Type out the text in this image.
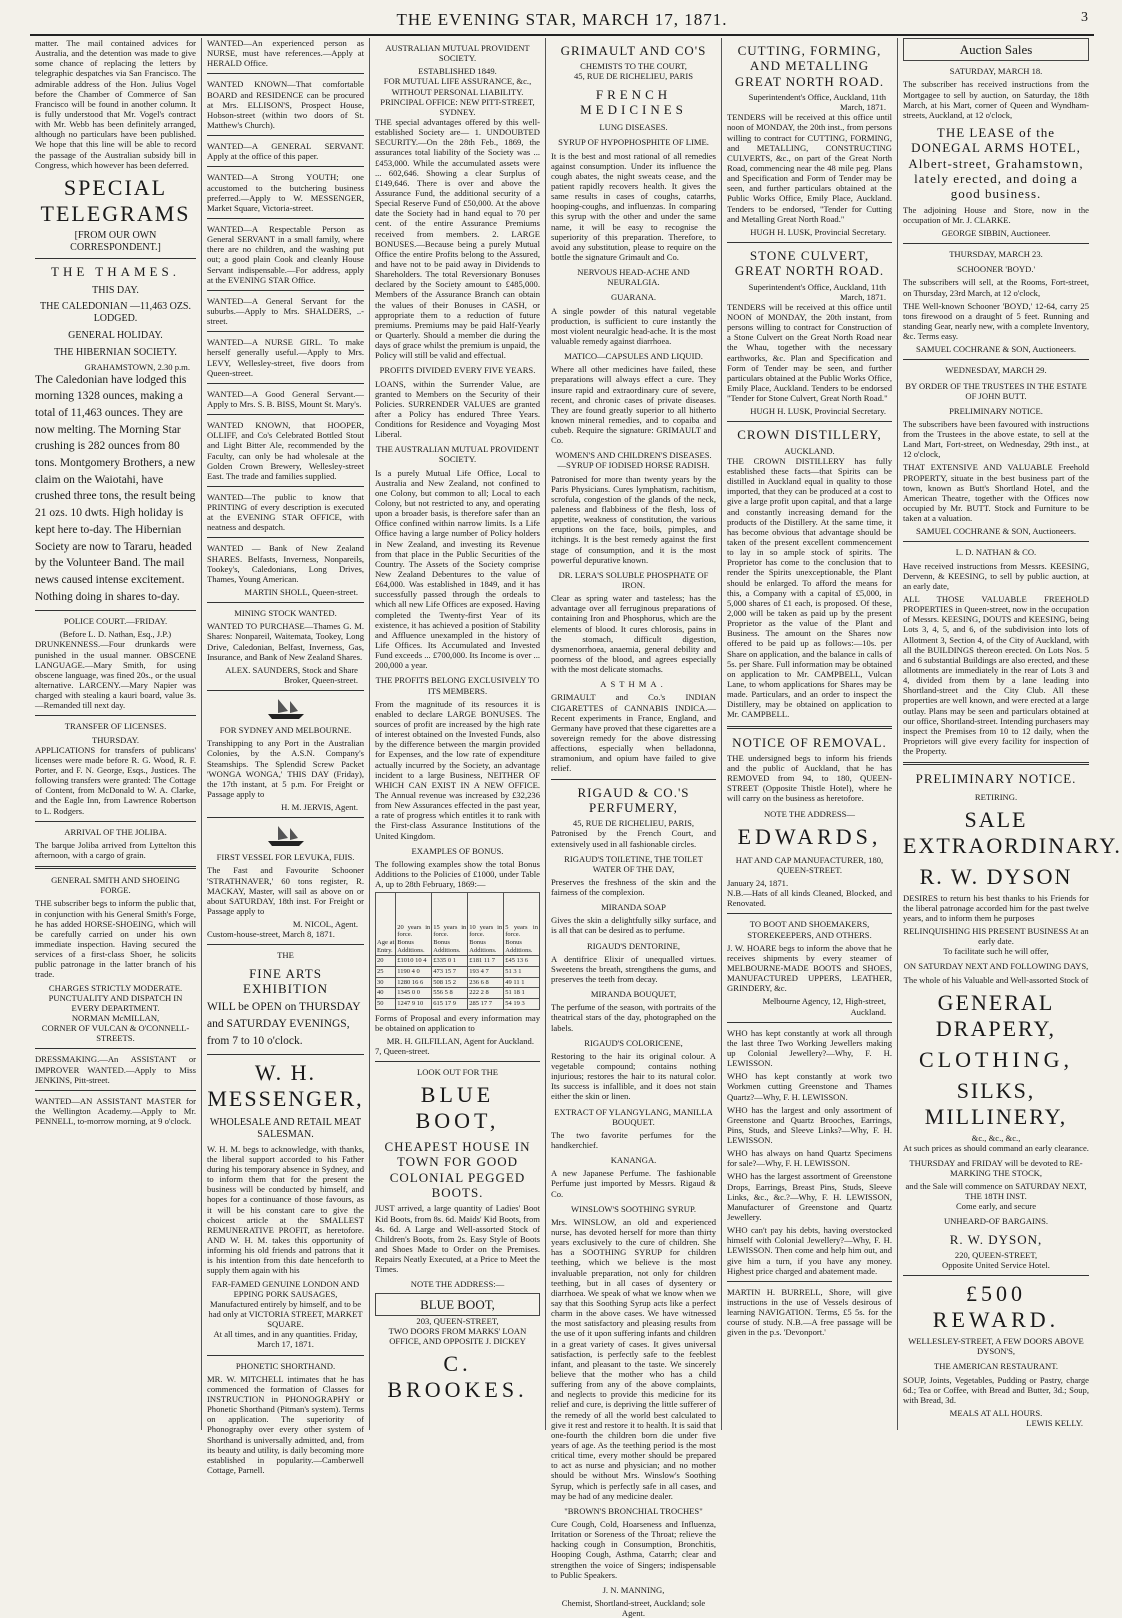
THE EVENING STAR, MARCH 17, 1871.	3

matter. The mail contained advices for Australia, and the detention was made to give some chance of replacing the letters by telegraphic despatches via San Francisco. The admirable address of the Hon. Julius Vogel before the Chamber of Commerce of San Francisco will be found in another column. It is fully understood that Mr. Vogel's contract with Mr. Webb has been definitely arranged, although no particulars have been published. We hope that this line will be able to record the passage of the Australian subsidy bill in Congress, which however has been deferred.

SPECIAL TELEGRAMS
[FROM OUR OWN CORRESPONDENT.]
THE THAMES.
THIS DAY.
THE CALEDONIAN —11,463 OZS. LODGED.
GENERAL HOLIDAY.
THE HIBERNIAN SOCIETY.
GRAHAMSTOWN, 2.30 p.m.

The Caledonian have lodged this morning 1328 ounces, making a total of 11,463 ounces. They are now melting. The Morning Star crushing is 282 ounces from 80 tons. Montgomery Brothers, a new claim on the Waiotahi, have crushed three tons, the result being 21 ozs. 10 dwts. High holiday is kept here to-day. The Hibernian Society are now to Tararu, headed by the Volunteer Band. The mail news caused intense excitement. Nothing doing in shares to-day.

POLICE COURT.—FRIDAY.
(Before L. D. Nathan, Esq., J.P.)

DRUNKENNESS.—Four drunkards were punished in the usual manner. OBSCENE LANGUAGE.—Mary Smith, for using obscene language, was fined 20s., or the usual alternative. LARCENY.—Mary Napier was charged with stealing a kauri board, value 3s.—Remanded till next day.

TRANSFER OF LICENSES.
THURSDAY.

APPLICATIONS for transfers of publicans' licenses were made before R. G. Wood, R. F. Porter, and F. N. George, Esqs., Justices. The following transfers were granted: The Cottage of Content, from McDonald to W. A. Clarke, and the Eagle Inn, from Lawrence Robertson to L. Rodgers.

ARRIVAL OF THE JOLIBA.

The barque Joliba arrived from Lyttelton this afternoon, with a cargo of grain.

GENERAL SMITH AND SHOEING FORGE.

THE subscriber begs to inform the public that, in conjunction with his General Smith's Forge, he has added HORSE-SHOEING, which will be carefully carried on under his own immediate inspection. Having secured the services of a first-class Shoer, he solicits public patronage in the latter branch of his trade.

CHARGES STRICTLY MODERATE.
PUNCTUALITY AND DISPATCH IN EVERY DEPARTMENT.
NORMAN McMILLAN,
CORNER OF VULCAN & O'CONNELL-STREETS.

DRESSMAKING.—An ASSISTANT or IMPROVER WANTED.—Apply to Miss JENKINS, Pitt-street.

WANTED—AN ASSISTANT MASTER for the Wellington Academy.—Apply to Mr. PENNELL, to-morrow morning, at 9 o'clock.

WANTED—An experienced person as NURSE, must have references.—Apply at HERALD Office.

WANTED KNOWN—That comfortable BOARD and RESIDENCE can be procured at Mrs. ELLISON'S, Prospect House, Hobson-street (within two doors of St. Matthew's Church).

WANTED—A GENERAL SERVANT. Apply at the office of this paper.

WANTED—A Strong YOUTH; one accustomed to the butchering business preferred.—Apply to W. MESSENGER, Market Square, Victoria-street.

WANTED—A Respectable Person as General SERVANT in a small family, where there are no children, and the washing put out; a good plain Cook and cleanly House Servant indispensable.—For address, apply at the EVENING STAR Office.

WANTED—A General Servant for the suburbs.—Apply to Mrs. SHALDERS, ..-street.

WANTED—A NURSE GIRL. To make herself generally useful.—Apply to Mrs. LEVY, Wellesley-street, five doors from Queen-street.

WANTED—A Good General Servant.—Apply to Mrs. S. B. BISS, Mount St. Mary's.

WANTED KNOWN, that HOOPER, OLLIFF, and Co's Celebrated Bottled Stout and Light Bitter Ale, recommended by the Faculty, can only be had wholesale at the Golden Crown Brewery, Wellesley-street East. The trade and families supplied.

WANTED—The public to know that PRINTING of every description is executed at the EVENING STAR OFFICE, with neatness and despatch.

WANTED — Bank of New Zealand SHARES. Belfasts, Inverness, Nonpareils, Tookey's, Caledonians, Long Drives, Thames, Young American.

MARTIN SHOLL, Queen-street.
MINING STOCK WANTED.

WANTED TO PURCHASE—Thames G. M. Shares: Nonpareil, Waitemata, Tookey, Long Drive, Caledonian, Belfast, Inverness, Gas, Insurance, and Bank of New Zealand Shares.

ALEX. SAUNDERS, Stock and Share Broker, Queen-street.
FOR SYDNEY AND MELBOURNE.

Transhipping to any Port in the Australian Colonies, by the A.S.N. Company's Steamships. The Splendid Screw Packet 'WONGA WONGA,' THIS DAY (Friday), the 17th instant, at 5 p.m. For Freight or Passage apply to

H. M. JERVIS, Agent.
FIRST VESSEL FOR LEVUKA, FIJIS.

The Fast and Favourite Schooner 'STRATHNAVER,' 60 tons register, R. MACKAY, Master, will sail as above on or about SATURDAY, 18th inst. For Freight or Passage apply to

M. NICOL, Agent.
Custom-house-street, March 8, 1871.
THE
FINE ARTS EXHIBITION

WILL be OPEN on THURSDAY and SATURDAY EVENINGS, from 7 to 10 o'clock.

W. H. MESSENGER,
WHOLESALE AND RETAIL MEAT SALESMAN.

W. H. M. begs to acknowledge, with thanks, the liberal support accorded to his Father during his temporary absence in Sydney, and to inform them that for the present the business will be conducted by himself, and hopes for a continuance of those favours, as it will be his constant care to give the choicest article at the SMALLEST REMUNERATIVE PROFIT, as heretofore. AND W. H. M. takes this opportunity of informing his old friends and patrons that it is his intention from this date henceforth to supply them again with his

FAR-FAMED GENUINE LONDON AND EPPING PORK SAUSAGES,
Manufactured entirely by himself, and to be had only at VICTORIA STREET, MARKET SQUARE.
At all times, and in any quantities. Friday, March 17, 1871.
PHONETIC SHORTHAND.

MR. W. MITCHELL intimates that he has commenced the formation of Classes for INSTRUCTION in PHONOGRAPHY or Phonetic Shorthand (Pitman's system). Terms on application. The superiority of Phonography over every other system of Shorthand is universally admitted, and, from its beauty and utility, is daily becoming more established in popularity.—Camberwell Cottage, Parnell.

AUSTRALIAN MUTUAL PROVIDENT SOCIETY.
ESTABLISHED 1849.
FOR MUTUAL LIFE ASSURANCE, &c., WITHOUT PERSONAL LIABILITY.
PRINCIPAL OFFICE: NEW PITT-STREET, SYDNEY.

THE special advantages offered by this well-established Society are— 1. UNDOUBTED SECURITY.—On the 28th Feb., 1869, the assurances total liability of the Society was ... £453,000. While the accumulated assets were ... 602,646. Showing a clear Surplus of £149,646. There is over and above the Assurance Fund, the additional security of a Special Reserve Fund of £50,000. At the above date the Society had in hand equal to 70 per cent. of the entire Assurance Premiums received from members. 2. LARGE BONUSES.—Because being a purely Mutual Office the entire Profits belong to the Assured, and have not to be paid away in Dividends to Shareholders. The total Reversionary Bonuses declared by the Society amount to £485,000. Members of the Assurance Branch can obtain the values of their Bonuses in CASH, or appropriate them to a reduction of future premiums. Premiums may be paid Half-Yearly or Quarterly. Should a member die during the days of grace whilst the premium is unpaid, the Policy will still be valid and effectual.

PROFITS DIVIDED EVERY FIVE YEARS.

LOANS, within the Surrender Value, are granted to Members on the Security of their Policies. SURRENDER VALUES are granted after a Policy has endured Three Years. Conditions for Residence and Voyaging Most Liberal.

THE AUSTRALIAN MUTUAL PROVIDENT SOCIETY.

Is a purely Mutual Life Office, Local to Australia and New Zealand, not confined to one Colony, but common to all; Local to each Colony, but not restricted to any, and operating upon a broader basis, is therefore safer than an Office confined within narrow limits. Is a Life Office having a large number of Policy holders in New Zealand, and investing its Revenue from that place in the Public Securities of the Country. The Assets of the Society comprise New Zealand Debentures to the value of £64,000. Was established in 1849, and it has successfully passed through the ordeals to which all new Life Offices are exposed. Having completed the Twenty-first Year of its existence, it has achieved a position of Stability and Affluence unexampled in the history of Life Offices. Its Accumulated and Invested Fund exceeds ... £700,000. Its Income is over ... 200,000 a year.

THE PROFITS BELONG EXCLUSIVELY TO ITS MEMBERS.

From the magnitude of its resources it is enabled to declare LARGE BONUSES. The sources of profit are increased by the high rate of interest obtained on the Invested Funds, also by the difference between the margin provided for Expenses, and the low rate of expenditure actually incurred by the Society, an advantage incident to a large Business, NEITHER OF WHICH CAN EXIST IN A NEW OFFICE. The Annual revenue was increased by £32,236 from New Assurances effected in the past year, a rate of progress which entitles it to rank with the First-class Assurance Institutions of the United Kingdom.

EXAMPLES OF BONUS.

The following examples show the total Bonus Additions to the Policies of £1000, under Table A, up to 28th February, 1869:—

Age at Entry.	20 years in force. Bonus Additions.	15 years in force. Bonus Additions.	10 years in force. Bonus Additions.	5 years in force. Bonus Additions.
20	£1010 10 4	£335 0 1	£181 11 7	£45 13 6
25	1190 4 0	473 15 7	193 4 7	51 3 1
30	1280 16 6	508 15 2	236 6 8	49 11 1
40	1345 0 0	556 5 8	222 2 8	51 18 1
50	1247 9 10	615 17 9	285 17 7	54 19 3

Forms of Proposal and every information may be obtained on application to

MR. H. GILFILLAN, Agent for Auckland.
7, Queen-street.
LOOK OUT FOR THE
BLUE BOOT,
CHEAPEST HOUSE IN TOWN FOR GOOD COLONIAL PEGGED BOOTS.

JUST arrived, a large quantity of Ladies' Boot Kid Boots, from 8s. 6d. Maids' Kid Boots, from 4s. 6d. A Large and Well-assorted Stock of Children's Boots, from 2s. Easy Style of Boots and Shoes Made to Order on the Premises. Repairs Neatly Executed, at a Price to Meet the Times.

NOTE THE ADDRESS:—
BLUE BOOT,
203, QUEEN-STREET,
TWO DOORS FROM MARKS' LOAN OFFICE, AND OPPOSITE J. DICKEY
C. BROOKES.
GRIMAULT AND CO'S
CHEMISTS TO THE COURT,
45, RUE DE RICHELIEU, PARIS
FRENCH MEDICINES
LUNG DISEASES.
SYRUP OF HYPOPHOSPHITE OF LIME.

It is the best and most rational of all remedies against consumption. Under its influence the cough abates, the night sweats cease, and the patient rapidly recovers health. It gives the same results in cases of coughs, catarrhs, hooping-coughs, and influenzas. In comparing this syrup with the other and under the same name, it will be easy to recognise the superiority of this preparation. Therefore, to avoid any substitution, please to require on the bottle the signature Grimault and Co.

NERVOUS HEAD-ACHE AND NEURALGIA.
GUARANA.

A single powder of this natural vegetable production, is sufficient to cure instantly the most violent neuralgic head-ache. It is the most valuable remedy against diarrhoea.

MATICO—CAPSULES AND LIQUID.

Where all other medicines have failed, these preparations will always effect a cure. They insure rapid and extraordinary cure of severe, recent, and chronic cases of private diseases. They are found greatly superior to all hitherto known mineral remedies, and to copaiba and cubeb. Require the signature: GRIMAULT and Co.

WOMEN'S AND CHILDREN'S DISEASES. —SYRUP OF IODISED HORSE RADISH.

Patronised for more than twenty years by the Paris Physicians. Cures lymphatism, rachitism, scrofula, congestion of the glands of the neck, paleness and flabbiness of the flesh, loss of appetite, weakness of constitution, the various eruptions on the face, boils, pimples, and itchings. It is the best remedy against the first stage of consumption, and it is the most powerful depurative known.

DR. LERA'S SOLUBLE PHOSPHATE OF IRON.

Clear as spring water and tasteless; has the advantage over all ferruginous preparations of containing Iron and Phosphorus, which are the elements of blood. It cures chlorosis, pains in the stomach, difficult digestion, dysmenorrhoea, anaemia, general debility and poorness of the blood, and agrees especially with the most delicate stomachs.

ASTHMA.

GRIMAULT and Co.'s INDIAN CIGARETTES of CANNABIS INDICA.—Recent experiments in France, England, and Germany have proved that these cigarettes are a sovereign remedy for the above distressing affections, especially when belladonna, stramonium, and opium have failed to give relief.

RIGAUD & CO.'S PERFUMERY,
45, RUE DE RICHELIEU, PARIS,

Patronised by the French Court, and extensively used in all fashionable circles.

RIGAUD'S TOILETINE, THE TOILET WATER OF THE DAY,

Preserves the freshness of the skin and the fairness of the complexion.

MIRANDA SOAP

Gives the skin a delightfully silky surface, and is all that can be desired as to perfume.

RIGAUD'S DENTORINE,

A dentifrice Elixir of unequalled virtues. Sweetens the breath, strengthens the gums, and preserves the teeth from decay.

MIRANDA BOUQUET,

The perfume of the season, with portraits of the theatrical stars of the day, photographed on the labels.

RIGAUD'S COLORICENE,

Restoring to the hair its original colour. A vegetable compound; contains nothing injurious; restores the hair to its natural color. Its success is infallible, and it does not stain either the skin or linen.

EXTRACT OF YLANGYLANG, MANILLA BOUQUET.

The two favorite perfumes for the handkerchief.

KANANGA.

A new Japanese Perfume. The fashionable Perfume just imported by Messrs. Rigaud & Co.

WINSLOW'S SOOTHING SYRUP.

Mrs. WINSLOW, an old and experienced nurse, has devoted herself for more than thirty years exclusively to the cure of children. She has a SOOTHING SYRUP for children teething, which we believe is the most invaluable preparation, not only for children teething, but in all cases of dysentery or diarrhoea. We speak of what we know when we say that this Soothing Syrup acts like a perfect charm in the above cases. We have witnessed the most satisfactory and pleasing results from the use of it upon suffering infants and children in a great variety of cases. It gives universal satisfaction, is perfectly safe to the feeblest infant, and pleasant to the taste. We sincerely believe that the mother who has a child suffering from any of the above complaints, and neglects to provide this medicine for its relief and cure, is depriving the little sufferer of the remedy of all the world best calculated to give it rest and restore it to health. It is said that one-fourth the children born die under five years of age. As the teething period is the most critical time, every mother should be prepared to act as nurse and physician; and no mother should be without Mrs. Winslow's Soothing Syrup, which is perfectly safe in all cases, and may be had of any medicine dealer.

"BROWN'S BRONCHIAL TROCHES"

Cure Cough, Cold, Hoarseness and Influenza, Irritation or Soreness of the Throat; relieve the hacking cough in Consumption, Bronchitis, Hooping Cough, Asthma, Catarrh; clear and strengthen the voice of Singers; indispensable to Public Speakers.

J. N. MANNING,
Chemist, Shortland-street, Auckland; sole Agent.
CUTTING, FORMING, AND METALLING GREAT NORTH ROAD.
Superintendent's Office, Auckland, 11th March, 1871.

TENDERS will be received at this office until noon of MONDAY, the 20th inst., from persons willing to contract for CUTTING, FORMING, and METALLING, CONSTRUCTING CULVERTS, &c., on part of the Great North Road, commencing near the 48 mile peg. Plans and Specification and Form of Tender may be seen, and further particulars obtained at the Public Works Office, Emily Place, Auckland. Tenders to be endorsed, "Tender for Cutting and Metalling Great North Road."

HUGH H. LUSK, Provincial Secretary.
STONE CULVERT, GREAT NORTH ROAD.
Superintendent's Office, Auckland, 11th March, 1871.

TENDERS will be received at this office until NOON of MONDAY, the 20th instant, from persons willing to contract for Construction of a Stone Culvert on the Great North Road near the Whau, together with the necessary earthworks, &c. Plan and Specification and Form of Tender may be seen, and further particulars obtained at the Public Works Office, Emily Place, Auckland. Tenders to be endorsed "Tender for Stone Culvert, Great North Road."

HUGH H. LUSK, Provincial Secretary.
CROWN DISTILLERY,
AUCKLAND.

THE CROWN DISTILLERY has fully established these facts—that Spirits can be distilled in Auckland equal in quality to those imported, that they can be produced at a cost to give a large profit upon capital, and that a large and constantly increasing demand for the products of the Distillery. At the same time, it has become obvious that advantage should be taken of the present excellent commencement to lay in so ample stock of spirits. The Proprietor has come to the conclusion that to render the Spirits unexceptionable, the Plant should be enlarged. To afford the means for this, a Company with a capital of £5,000, in 5,000 shares of £1 each, is proposed. Of these, 2,000 will be taken as paid up by the present Proprietor as the value of the Plant and Business. The amount on the Shares now offered to be paid up as follows:—10s. per Share on application, and the balance in calls of 5s. per Share. Full information may be obtained on application to Mr. CAMPBELL, Vulcan Lane, to whom applications for Shares may be made. Particulars, and an order to inspect the Distillery, may be obtained on application to Mr. CAMPBELL.

NOTICE OF REMOVAL.

THE undersigned begs to inform his friends and the public of Auckland, that he has REMOVED from 94, to 180, QUEEN-STREET (Opposite Thistle Hotel), where he will carry on the business as heretofore.

NOTE THE ADDRESS—
EDWARDS,
HAT AND CAP MANUFACTURER, 180, QUEEN-STREET.
January 24, 1871.

N.B.—Hats of all kinds Cleaned, Blocked, and Renovated.

TO BOOT AND SHOEMAKERS, STOREKEEPERS, AND OTHERS.

J. W. HOARE begs to inform the above that he receives shipments by every steamer of MELBOURNE-MADE BOOTS and SHOES, MANUFACTURED UPPERS, LEATHER, GRINDERY, &c.

Melbourne Agency, 12, High-street, Auckland.

WHO has kept constantly at work all through the last three Two Working Jewellers making up Colonial Jewellery?—Why, F. H. LEWISSON.

WHO has kept constantly at work two Workmen cutting Greenstone and Thames Quartz?—Why, F. H. LEWISSON.

WHO has the largest and only assortment of Greenstone and Quartz Brooches, Earrings, Pins, Studs, and Sleeve Links?—Why, F. H. LEWISSON.

WHO has always on hand Quartz Specimens for sale?—Why, F. H. LEWISSON.

WHO has the largest assortment of Greenstone Drops, Earrings, Breast Pins, Studs, Sleeve Links, &c., &c.?—Why, F. H. LEWISSON, Manufacturer of Greenstone and Quartz Jewellery.

WHO can't pay his debts, having overstocked himself with Colonial Jewellery?—Why, F. H. LEWISSON. Then come and help him out, and give him a turn, if you have any money. Highest price charged and abatement made.

MARTIN H. BURRELL, Shore, will give instructions in the use of Vessels desirous of learning NAVIGATION. Terms, £5 5s. for the course of study. N.B.—A free passage will be given in the p.s. 'Devonport.'

Auction Sales
SATURDAY, MARCH 18.

The subscriber has received instructions from the Mortgagee to sell by auction, on Saturday, the 18th March, at his Mart, corner of Queen and Wyndham-streets, Auckland, at 12 o'clock,

THE LEASE of the DONEGAL ARMS HOTEL, Albert-street, Grahamstown, lately erected, and doing a good business.

The adjoining House and Store, now in the occupation of Mr. J. CLARKE.

GEORGE SIBBIN, Auctioneer.
THURSDAY, MARCH 23.
SCHOONER 'BOYD.'

The subscribers will sell, at the Rooms, Fort-street, on Thursday, 23rd March, at 12 o'clock,

THE Well-known Schooner 'BOYD,' 12-64, carry 25 tons firewood on a draught of 5 feet. Running and standing Gear, nearly new, with a complete Inventory, &c. Terms easy.

SAMUEL COCHRANE & SON, Auctioneers.
WEDNESDAY, MARCH 29.
BY ORDER OF THE TRUSTEES IN THE ESTATE OF JOHN BUTT.
PRELIMINARY NOTICE.

The subscribers have been favoured with instructions from the Trustees in the above estate, to sell at the Land Mart, Fort-street, on Wednesday, 29th inst., at 12 o'clock,

THAT EXTENSIVE AND VALUABLE Freehold PROPERTY, situate in the best business part of the town, known as Butt's Shortland Hotel, and the American Theatre, together with the Offices now occupied by Mr. BUTT. Stock and Furniture to be taken at a valuation.

SAMUEL COCHRANE & SON, Auctioneers.
L. D. NATHAN & CO.

Have received instructions from Messrs. KEESING, Dervenn, & KEESING, to sell by public auction, at an early date,

ALL THOSE VALUABLE FREEHOLD PROPERTIES in Queen-street, now in the occupation of Messrs. KEESING, DOUTS and KEESING, being Lots 3, 4, 5, and 6, of the subdivision into lots of Allotment 3, Section 4, of the City of Auckland, with all the BUILDINGS thereon erected. On Lots Nos. 5 and 6 substantial Buildings are also erected, and these allotments are immediately in the rear of Lots 3 and 4, divided from them by a lane leading into Shortland-street and the City Club. All these properties are well known, and were erected at a large outlay. Plans may be seen and particulars obtained at our office, Shortland-street. Intending purchasers may inspect the Premises from 10 to 12 daily, when the Proprietors will give every facility for inspection of the Property.

PRELIMINARY NOTICE.
RETIRING.
SALE EXTRAORDINARY.
R. W. DYSON

DESIRES to return his best thanks to his Friends for the liberal patronage accorded him for the past twelve years, and to inform them he purposes

RELINQUISHING HIS PRESENT BUSINESS At an early date.
To facilitate such he will offer,
ON SATURDAY NEXT AND FOLLOWING DAYS,
The whole of his Valuable and Well-assorted Stock of
GENERAL DRAPERY,
CLOTHING,
SILKS, MILLINERY,
&c., &c., &c.,
At such prices as should command an early clearance.
THURSDAY and FRIDAY will be devoted to RE-MARKING THE STOCK,
and the Sale will commence on SATURDAY NEXT, THE 18TH INST.
Come early, and secure
UNHEARD-OF BARGAINS.
R. W. DYSON,
220, QUEEN-STREET,
Opposite United Service Hotel.
£500 REWARD.
WELLESLEY-STREET, A FEW DOORS ABOVE DYSON'S,
THE AMERICAN RESTAURANT.

SOUP, Joints, Vegetables, Pudding or Pastry, charge 6d.; Tea or Coffee, with Bread and Butter, 3d.; Soup, with Bread, 3d.

MEALS AT ALL HOURS.
LEWIS KELLY.
